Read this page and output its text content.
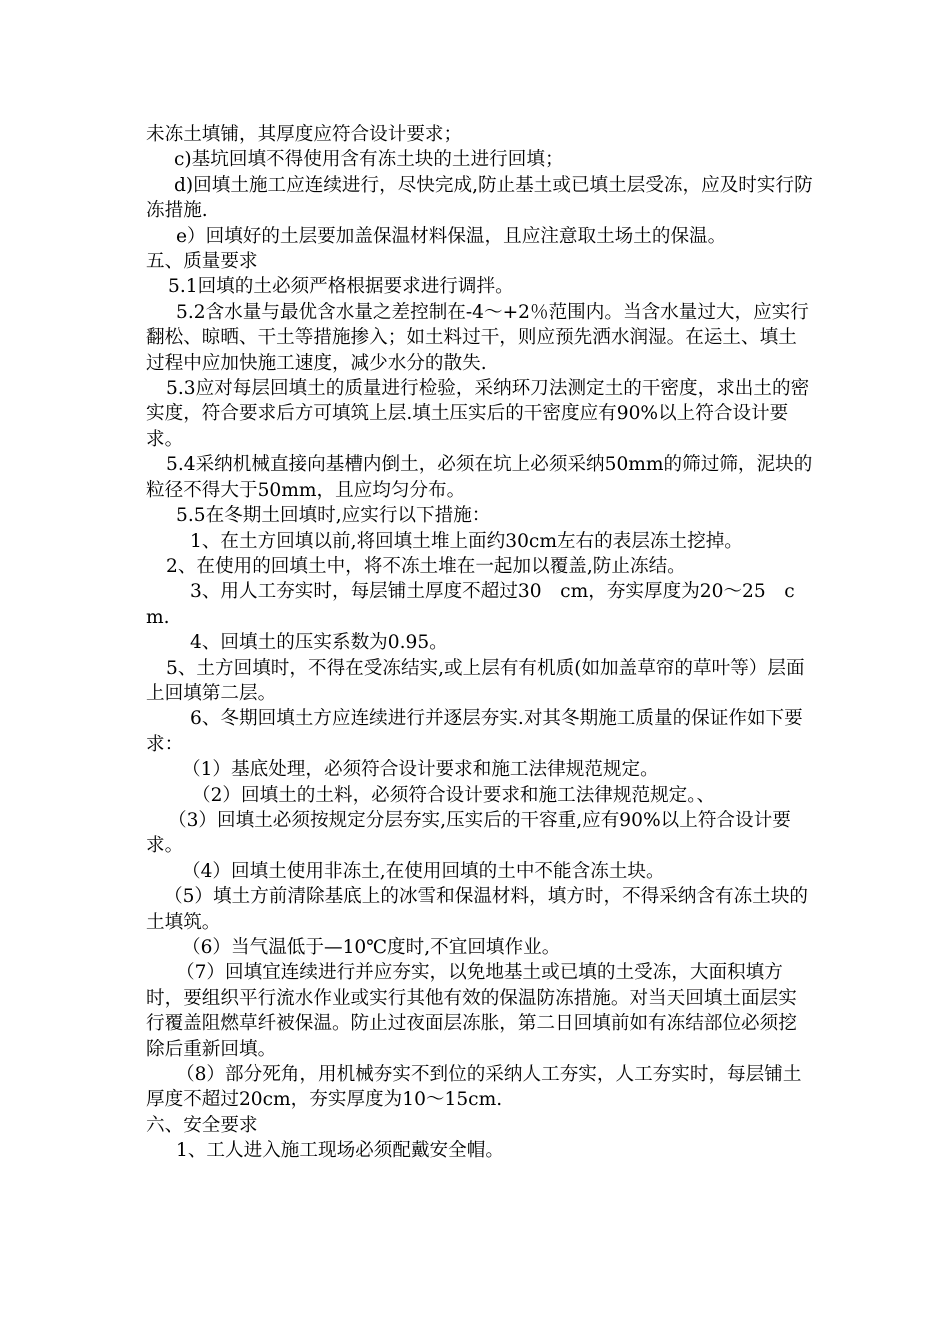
未冻土填铺，其厚度应符合设计要求；

c)基坑回填不得使用含有冻土块的土进行回填；

d)回填土施工应连续进行，尽快完成,防止基土或已填土层受冻，应及时实行防冻措施.

e）回填好的土层要加盖保温材料保温，且应注意取土场土的保温。

五、质量要求

5.1回填的土必须严格根据要求进行调拌。

5.2含水量与最优含水量之差控制在-4～+2％范围内。当含水量过大，应实行翻松、晾晒、干土等措施掺入；如土料过干，则应预先洒水润湿。在运土、填土过程中应加快施工速度，减少水分的散失.

5.3应对每层回填土的质量进行检验，采纳环刀法测定土的干密度，求出土的密实度，符合要求后方可填筑上层.填土压实后的干密度应有90%以上符合设计要求。

5.4采纳机械直接向基槽内倒土，必须在坑上必须采纳50mm的筛过筛，泥块的粒径不得大于50mm，且应均匀分布。

5.5在冬期土回填时,应实行以下措施：

1、在土方回填以前,将回填土堆上面约30cm左右的表层冻土挖掉。

2、在使用的回填土中，将不冻土堆在一起加以覆盖,防止冻结。

3、用人工夯实时，每层铺土厚度不超过30　cm，夯实厚度为20～25　cm.

4、回填土的压实系数为0.95。

5、土方回填时，不得在受冻结实,或上层有有机质(如加盖草帘的草叶等）层面上回填第二层。

6、冬期回填土方应连续进行并逐层夯实.对其冬期施工质量的保证作如下要求：

（1）基底处理，必须符合设计要求和施工法律规范规定。

（2）回填土的土料，必须符合设计要求和施工法律规范规定。、

（3）回填土必须按规定分层夯实,压实后的干容重,应有90%以上符合设计要求。

（4）回填土使用非冻土,在使用回填的土中不能含冻土块。

（5）填土方前清除基底上的冰雪和保温材料，填方时，不得采纳含有冻土块的土填筑。

（6）当气温低于—10℃度时,不宜回填作业。

（7）回填宜连续进行并应夯实，以免地基土或已填的土受冻，大面积填方时，要组织平行流水作业或实行其他有效的保温防冻措施。对当天回填土面层实行覆盖阻燃草纤被保温。防止过夜面层冻胀，第二日回填前如有冻结部位必须挖除后重新回填。

（8）部分死角，用机械夯实不到位的采纳人工夯实，人工夯实时，每层铺土厚度不超过20cm，夯实厚度为10～15cm.

六、安全要求

1、工人进入施工现场必须配戴安全帽。
